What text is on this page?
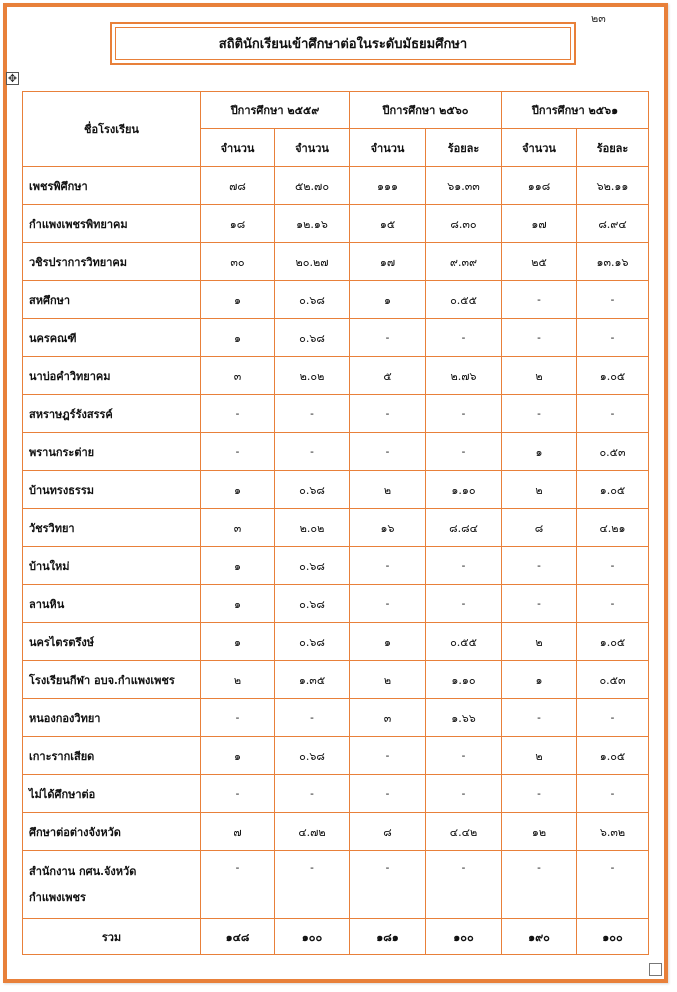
๒๓
สถิตินักเรียนเข้าศึกษาต่อในระดับมัธยมศึกษา
✥
ชื่อโรงเรียน	ปีการศึกษา ๒๕๕๙		ปีการศึกษา ๒๕๖๐		ปีการศึกษา ๒๕๖๑	
	จำนวน	จำนวน	จำนวน	ร้อยละ	จำนวน	ร้อยละ
เพชรพิศึกษา	๗๘	๕๒.๗๐	๑๑๑	๖๑.๓๓	๑๑๘	๖๒.๑๑
กำแพงเพชรพิทยาคม	๑๘	๑๒.๑๖	๑๕	๘.๓๐	๑๗	๘.๙๔
วชิรปราการวิทยาคม	๓๐	๒๐.๒๗	๑๗	๙.๓๙	๒๕	๑๓.๑๖
สหศึกษา	๑	๐.๖๘	๑	๐.๕๕	-	-
นครคณฑี	๑	๐.๖๘	-	-	-	-
นาบ่อคำวิทยาคม	๓	๒.๐๒	๕	๒.๗๖	๒	๑.๐๕
สหราษฎร์รังสรรค์	-	-	-	-	-	-
พรานกระต่าย	-	-	-	-	๑	๐.๕๓
บ้านทรงธรรม	๑	๐.๖๘	๒	๑.๑๐	๒	๑.๐๕
วัชรวิทยา	๓	๒.๐๒	๑๖	๘.๘๔	๘	๔.๒๑
บ้านใหม่	๑	๐.๖๘	-	-	-	-
ลานหิน	๑	๐.๖๘	-	-	-	-
นครไตรตรึงษ์	๑	๐.๖๘	๑	๐.๕๕	๒	๑.๐๕
โรงเรียนกีฬา อบจ.กำแพงเพชร	๒	๑.๓๕	๒	๑.๑๐	๑	๐.๕๓
หนองกองวิทยา	-	-	๓	๑.๖๖	-	-
เกาะรากเสียด	๑	๐.๖๘	-	-	๒	๑.๐๕
ไม่ได้ศึกษาต่อ	-	-	-	-	-	-
ศึกษาต่อต่างจังหวัด	๗	๔.๗๒	๘	๔.๔๒	๑๒	๖.๓๒
สำนักงาน กศน.จังหวัด
กำแพงเพชร	-	-	-	-	-	-
รวม	๑๔๘	๑๐๐	๑๘๑	๑๐๐	๑๙๐	๑๐๐
